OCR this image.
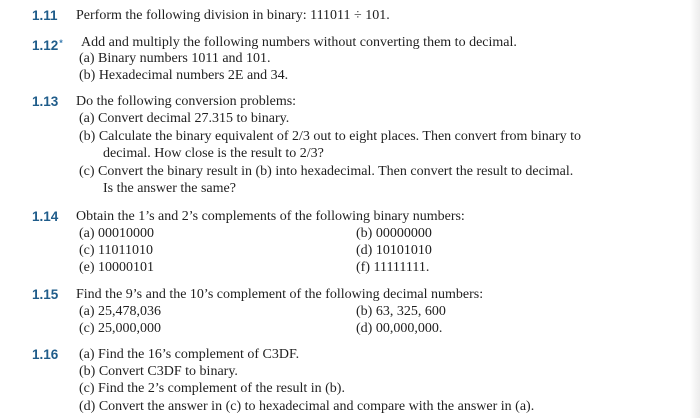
1.11 Perform the following division in binary: 111011 ÷ 101.
1.12* Add and multiply the following numbers without converting them to decimal.
(a) Binary numbers 1011 and 101.
(b) Hexadecimal numbers 2E and 34.
1.13 Do the following conversion problems:
(a) Convert decimal 27.315 to binary.
(b) Calculate the binary equivalent of 2/3 out to eight places. Then convert from binary to
decimal. How close is the result to 2/3?
(c) Convert the binary result in (b) into hexadecimal. Then convert the result to decimal.
Is the answer the same?
1.14 Obtain the 1’s and 2’s complements of the following binary numbers:
(a) 00010000	(b) 00000000
(c) 11011010	(d) 10101010
(e) 10000101	(f) 11111111.
1.15 Find the 9’s and the 10’s complement of the following decimal numbers:
(a) 25,478,036	(b) 63, 325, 600
(c) 25,000,000	(d) 00,000,000.
1.16 (a) Find the 16’s complement of C3DF.
(b) Convert C3DF to binary.
(c) Find the 2’s complement of the result in (b).
(d) Convert the answer in (c) to hexadecimal and compare with the answer in (a).
